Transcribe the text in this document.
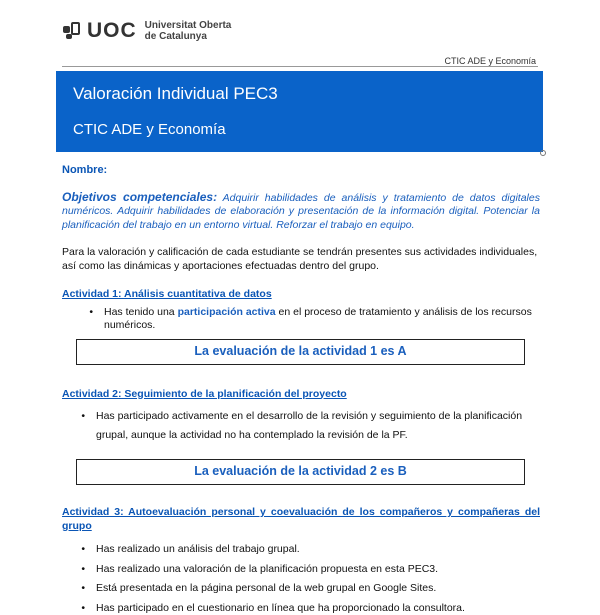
UOC Universitat Oberta
de Catalunya
CTIC ADE y Economía
Valoración Individual PEC3
CTIC ADE y Economía

Nombre:

Objetivos competenciales: Adquirir habilidades de análisis y tratamiento de datos digitales numéricos. Adquirir habilidades de elaboración y presentación de la información digital. Potenciar la planificación del trabajo en un entorno virtual. Reforzar el trabajo en equipo.

Para la valoración y calificación de cada estudiante se tendrán presentes sus actividades individuales, así como las dinámicas y aportaciones efectuadas dentro del grupo.

Actividad 1: Análisis cuantitativa de datos

•	Has tenido una participación activa en el proceso de tratamiento y análisis de los recursos numéricos.
La evaluación de la actividad 1 es A

Actividad 2: Seguimiento de la planificación del proyecto

•	Has participado activamente en el desarrollo de la revisión y seguimiento de la planificación grupal, aunque la actividad no ha contemplado la revisión de la PF.
La evaluación de la actividad 2 es B

Actividad 3: Autoevaluación personal y coevaluación de los compañeros y compañeras del grupo

•	Has realizado un análisis del trabajo grupal.
•	Has realizado una valoración de la planificación propuesta en esta PEC3.
•	Está presentada en la página personal de la web grupal en Google Sites.
•	Has participado en el cuestionario en línea que ha proporcionado la consultora.
